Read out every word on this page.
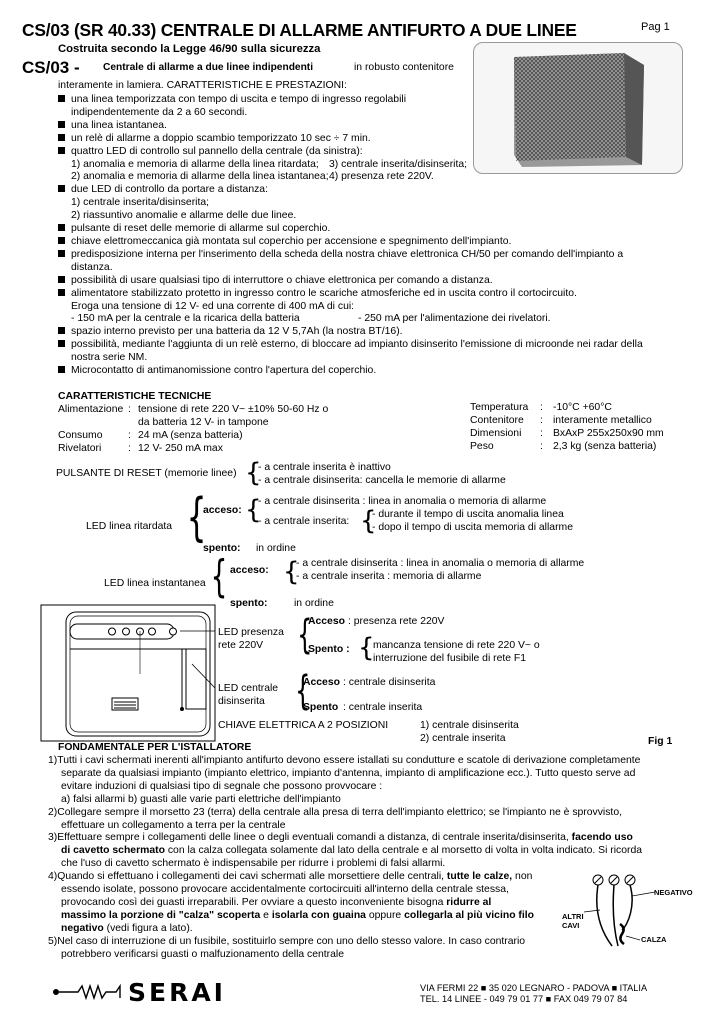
CS/03 (SR 40.33) CENTRALE DI ALLARME ANTIFURTO A DUE LINEE	Pag 1
Costruita secondo la Legge 46/90 sulla sicurezza
CS/03 - Centrale di allarme a due linee indipendenti	in robusto contenitore
interamente in lamiera. CARATTERISTICHE E PRESTAZIONI:
una linea temporizzata con tempo di uscita e tempo di ingresso regolabili
indipendentemente da 2 a 60 secondi.
una linea istantanea.
un relè di allarme a doppio scambio temporizzato 10 sec ÷ 7 min.
quattro LED di controllo sul pannello della centrale (da sinistra):
1) anomalia e memoria di allarme della linea ritardata; 3) centrale inserita/disinserita;
2) anomalia e memoria di allarme della linea istantanea;4) presenza rete 220V.
due LED di controllo da portare a distanza:
1) centrale inserita/disinserita;
2) riassuntivo anomalie e allarme delle due linee.
pulsante di reset delle memorie di allarme sul coperchio.
chiave elettromeccanica già montata sul coperchio per accensione e spegnimento dell'impianto.
predisposizione interna per l'inserimento della scheda della nostra chiave elettronica CH/50 per comando dell'impianto a
distanza.
possibilità di usare qualsiasi tipo di interruttore o chiave elettronica per comando a distanza.
alimentatore stabilizzato protetto in ingresso contro le scariche atmosferiche ed in uscita contro il cortocircuito.
Eroga una tensione di 12 V- ed una corrente di 400 mA di cui:
- 150 mA per la centrale e la ricarica della batteria	- 250 mA per l'alimentazione dei rivelatori.
spazio interno previsto per una batteria da 12 V 5,7Ah (la nostra BT/16).
possibilità, mediante l'aggiunta di un relè esterno, di bloccare ad impianto disinserito l'emissione di microonde nei radar della
nostra serie NM.
Microcontatto di antimanomissione contro l'apertura del coperchio.
CARATTERISTICHE TECNICHE
Alimentazione : tensione di rete 220 V~ ±10% 50-60 Hz o
da batteria 12 V- in tampone
Consumo : 24 mA (senza batteria)
Rivelatori	: 12 V- 250 mA max
Temperatura : -10°C +60°C
Contenitore : interamente metallico
Dimensioni : BxAxP 255x250x90 mm
Peso	: 2,3 kg (senza batteria)
PULSANTE DI RESET (memorie linee) {
- a centrale inserita è inattivo
- a centrale disinserita: cancella le memorie di allarme
LED linea ritardata {
acceso: {
- a centrale disinserita : linea in anomalia o memoria di allarme
- a centrale inserita: {
- durante il tempo di uscita anomalia linea
- dopo il tempo di uscita memoria di allarme
spento: in ordine
LED linea instantanea { acceso: {
- a centrale disinserita : linea in anomalia o memoria di allarme
- a centrale inserita : memoria di allarme
spento:	in ordine
LED presenza
rete 220V {
Acceso : presenza rete 220V
Spento : {
mancanza tensione di rete 220 V~ o
interruzione del fusibile di rete F1
LED centrale
disinserita {
Acceso : centrale disinserita
Spento : centrale inserita
CHIAVE ELETTRICA A 2 POSIZIONI	1) centrale disinserita
2) centrale inserita	Fig 1
FONDAMENTALE PER L'ISTALLATORE
1)Tutti i cavi schermati inerenti all'impianto antifurto devono essere istallati su condutture e scatole di derivazione completamente
separate da qualsiasi impianto (impianto elettrico, impianto d'antenna, impianto di amplificazione ecc.). Tutto questo serve ad
evitare induzioni di qualsiasi tipo di segnale che possono provvocare :
a) falsi allarmi b) guasti alle varie parti elettriche dell'impianto
2)Collegare sempre il morsetto 23 (terra) della centrale alla presa di terra dell'impianto elettrico; se l'impianto ne è sprovvisto,
effettuare un collegamento a terra per la centrale
3)Effettuare sempre i collegamenti delle linee o degli eventuali comandi a distanza, di centrale inserita/disinserita, facendo uso
di cavetto schermato con la calza collegata solamente dal lato della centrale e al morsetto di volta in volta indicato. Si ricorda
che l'uso di cavetto schermato è indispensabile per ridurre i problemi di falsi allarmi.
4)Quando si effettuano i collegamenti dei cavi schermati alle morsettiere delle centrali, tutte le calze, non
essendo isolate, possono provocare accidentalmente cortocircuiti all'interno della centrale stessa,
provocando così dei guasti irreparabili. Per ovviare a questo inconveniente bisogna ridurre al
massimo la porzione di "calza" scoperta e isolarla con guaina oppure collegarla al più vicino filo
negativo (vedi figura a lato).
5)Nel caso di interruzione di un fusibile, sostituirlo sempre con uno dello stesso valore. In caso contrario
potrebbero verificarsi guasti o malfuzionamento della centrale
NEGATIVO
ALTRI
CAVI
CALZA
SERAI	VIA FERMI 22 ■ 35 020 LEGNARO - PADOVA ■ ITALIA
TEL. 14 LINEE - 049 79 01 77 ■ FAX 049 79 07 84
